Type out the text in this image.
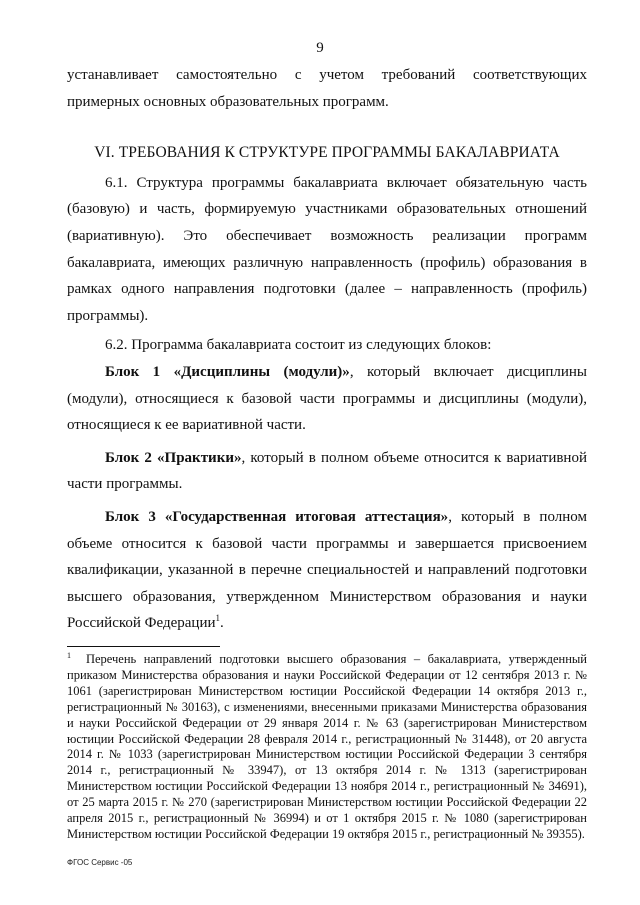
9

устанавливает самостоятельно с учетом требований соответствующих примерных основных образовательных программ.

VI. ТРЕБОВАНИЯ К СТРУКТУРЕ ПРОГРАММЫ БАКАЛАВРИАТА

6.1. Структура программы бакалавриата включает обязательную часть (базовую) и часть, формируемую участниками образовательных отношений (вариативную). Это обеспечивает возможность реализации программ бакалавриата, имеющих различную направленность (профиль) образования в рамках одного направления подготовки (далее – направленность (профиль) программы).

6.2. Программа бакалавриата состоит из следующих блоков:

Блок 1 «Дисциплины (модули)», который включает дисциплины (модули), относящиеся к базовой части программы и дисциплины (модули), относящиеся к ее вариативной части.

Блок 2 «Практики», который в полном объеме относится к вариативной части программы.

Блок 3 «Государственная итоговая аттестация», который в полном объеме относится к базовой части программы и завершается присвоением квалификации, указанной в перечне специальностей и направлений подготовки высшего образования, утвержденном Министерством образования и науки Российской Федерации$^1$.

$^1$ Перечень направлений подготовки высшего образования – бакалавриата, утвержденный приказом Министерства образования и науки Российской Федерации от 12 сентября 2013 г. № 1061 (зарегистрирован Министерством юстиции Российской Федерации 14 октября 2013 г., регистрационный № 30163), с изменениями, внесенными приказами Министерства образования и науки Российской Федерации от 29 января 2014 г. № 63 (зарегистрирован Министерством юстиции Российской Федерации 28 февраля 2014 г., регистрационный № 31448), от 20 августа 2014 г. № 1033 (зарегистрирован Министерством юстиции Российской Федерации 3 сентября 2014 г., регистрационный № 33947), от 13 октября 2014 г. № 1313 (зарегистрирован Министерством юстиции Российской Федерации 13 ноября 2014 г., регистрационный № 34691), от 25 марта 2015 г. № 270 (зарегистрирован Министерством юстиции Российской Федерации 22 апреля 2015 г., регистрационный № 36994) и от 1 октября 2015 г. № 1080 (зарегистрирован Министерством юстиции Российской Федерации 19 октября 2015 г., регистрационный № 39355).
ФГОС Сервис -05
